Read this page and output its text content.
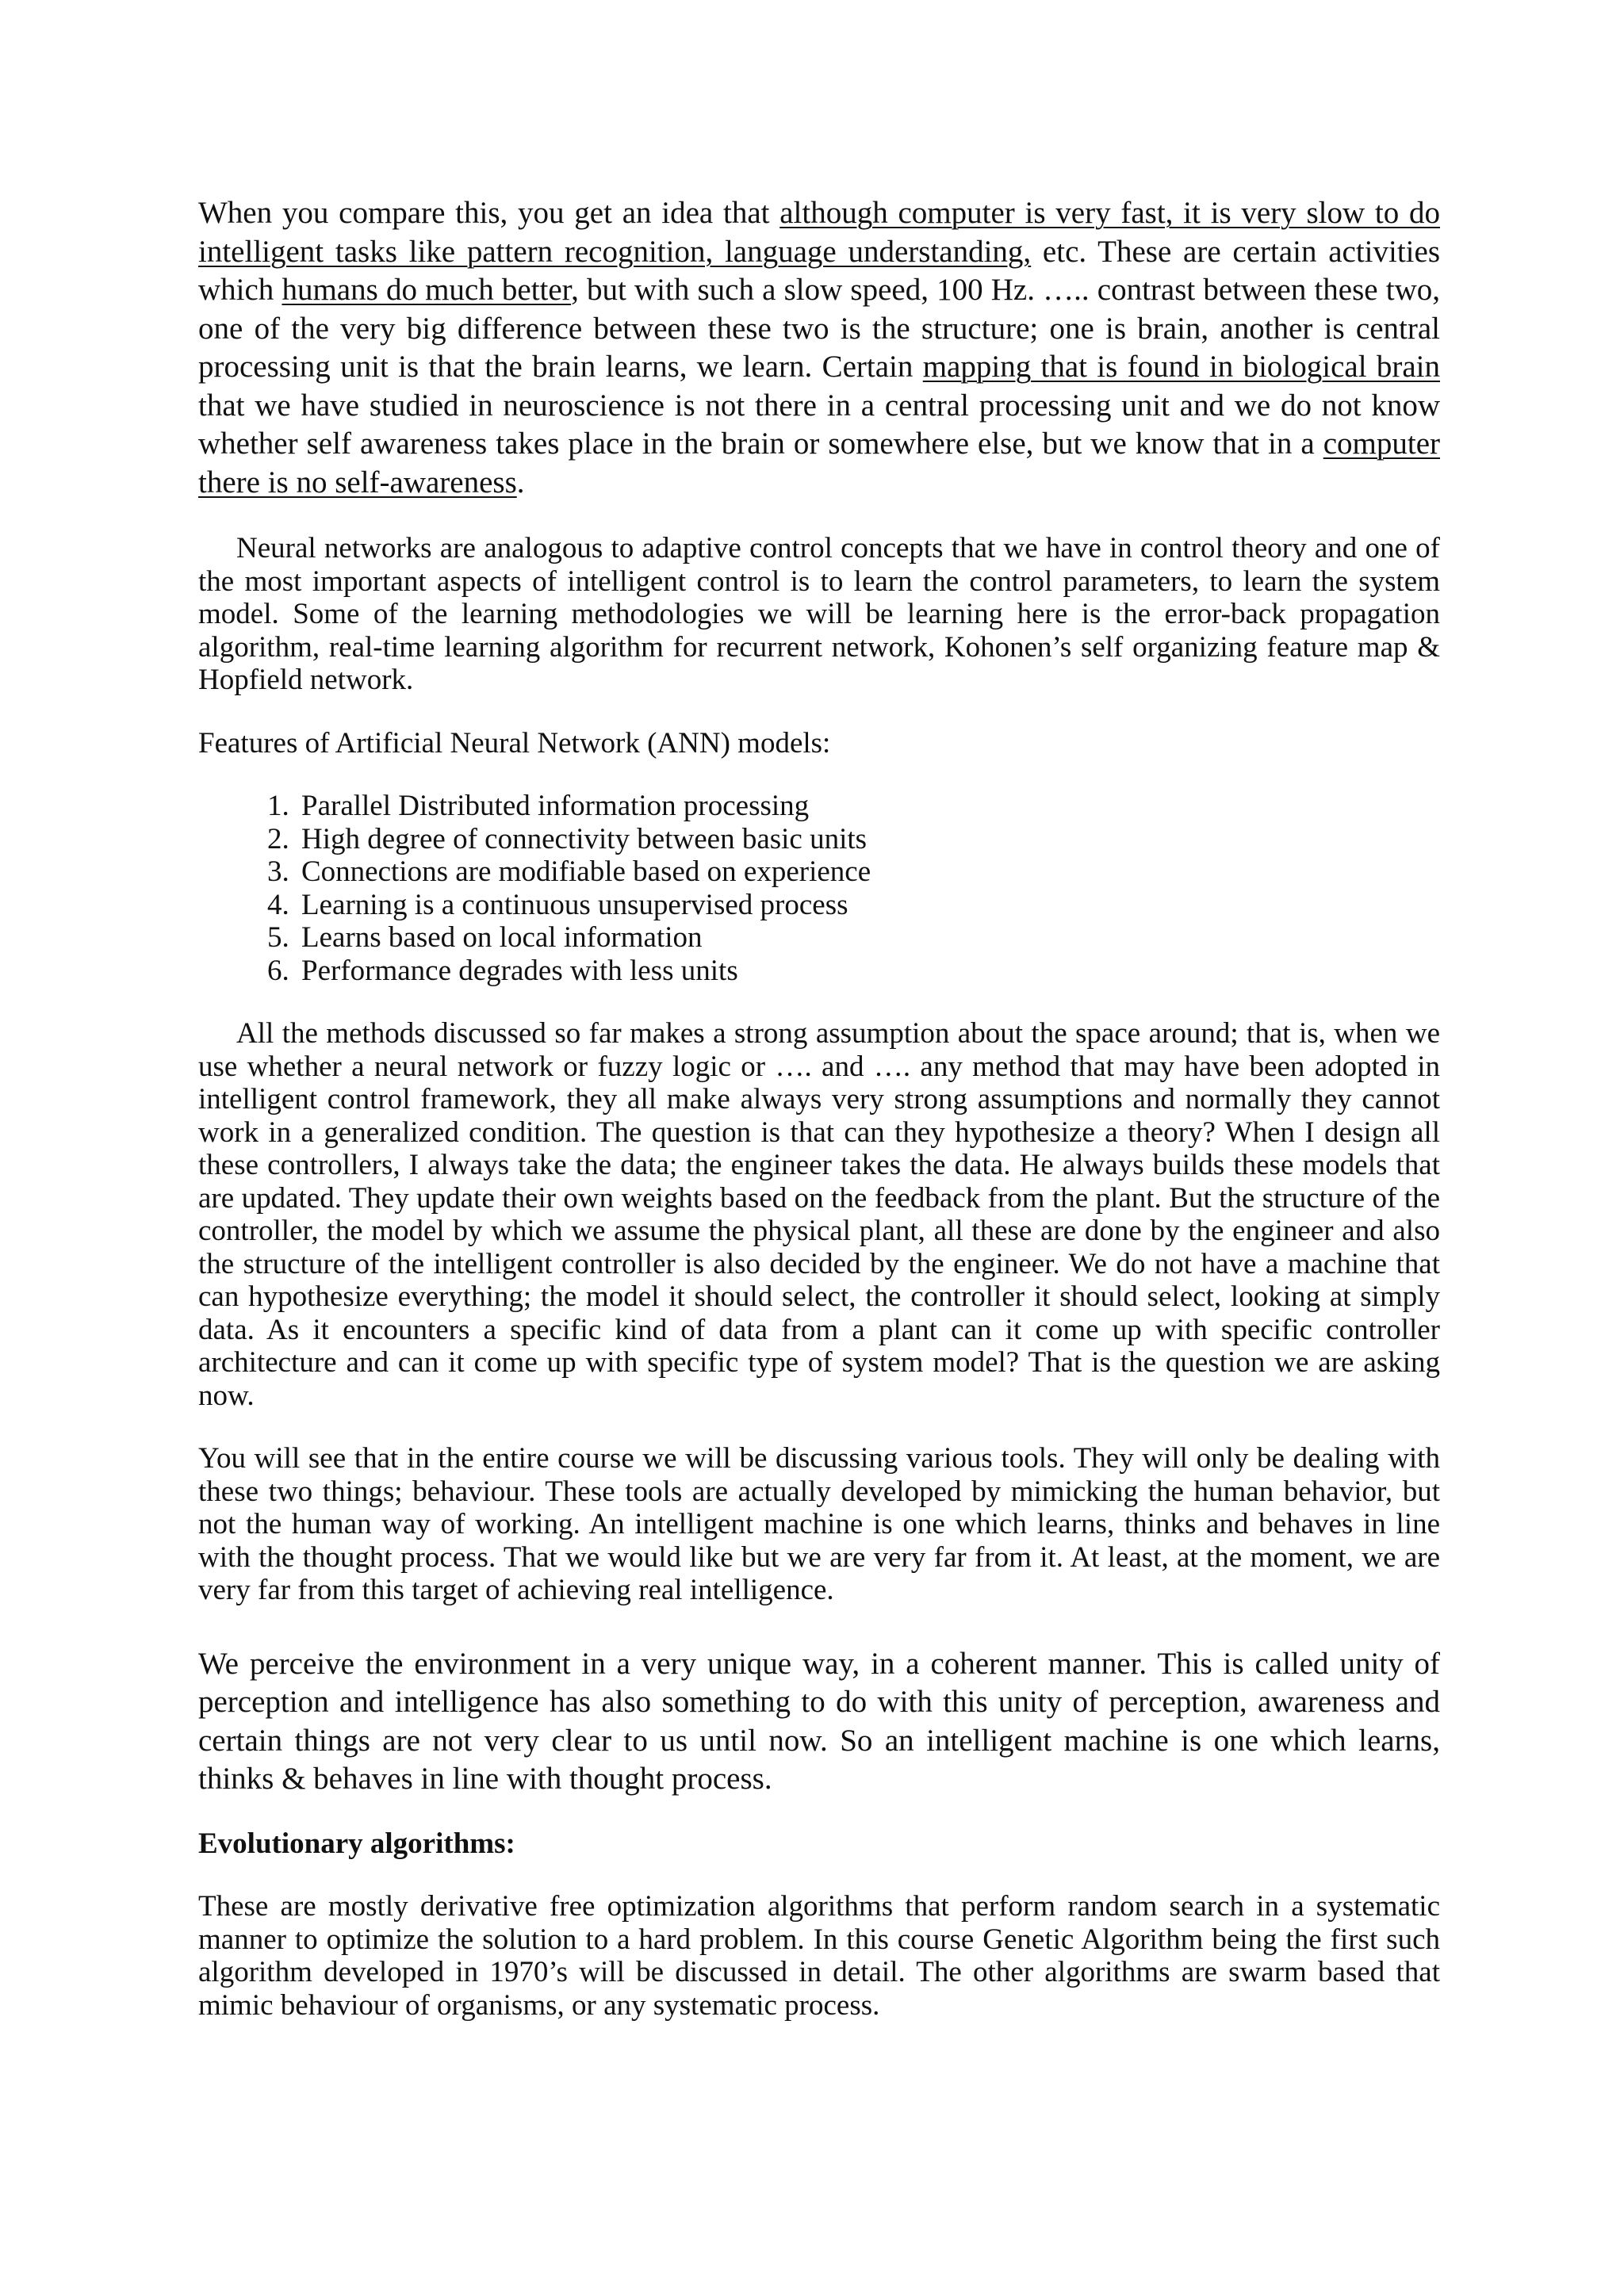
When you compare this, you get an idea that although computer is very fast, it is very slow to do intelligent tasks like pattern recognition, language understanding, etc. These are certain activities which humans do much better, but with such a slow speed, 100 Hz. ….. contrast between these two, one of the very big difference between these two is the structure; one is brain, another is central processing unit is that the brain learns, we learn. Certain mapping that is found in biological brain that we have studied in neuroscience is not there in a central processing unit and we do not know whether self awareness takes place in the brain or somewhere else, but we know that in a computer there is no self-awareness.

Neural networks are analogous to adaptive control concepts that we have in control theory and one of the most important aspects of intelligent control is to learn the control parameters, to learn the system model. Some of the learning methodologies we will be learning here is the error-back propagation algorithm, real-time learning algorithm for recurrent network, Kohonen’s self organizing feature map & Hopfield network.

Features of Artificial Neural Network (ANN) models:

1. Parallel Distributed information processing
2. High degree of connectivity between basic units
3. Connections are modifiable based on experience
4. Learning is a continuous unsupervised process
5. Learns based on local information
6. Performance degrades with less units

All the methods discussed so far makes a strong assumption about the space around; that is, when we use whether a neural network or fuzzy logic or …. and …. any method that may have been adopted in intelligent control framework, they all make always very strong assumptions and normally they cannot work in a generalized condition. The question is that can they hypothesize a theory? When I design all these controllers, I always take the data; the engineer takes the data. He always builds these models that are updated. They update their own weights based on the feedback from the plant. But the structure of the controller, the model by which we assume the physical plant, all these are done by the engineer and also the structure of the intelligent controller is also decided by the engineer. We do not have a machine that can hypothesize everything; the model it should select, the controller it should select, looking at simply data. As it encounters a specific kind of data from a plant can it come up with specific controller architecture and can it come up with specific type of system model? That is the question we are asking now.

You will see that in the entire course we will be discussing various tools. They will only be dealing with these two things; behaviour. These tools are actually developed by mimicking the human behavior, but not the human way of working. An intelligent machine is one which learns, thinks and behaves in line with the thought process. That we would like but we are very far from it. At least, at the moment, we are very far from this target of achieving real intelligence.

We perceive the environment in a very unique way, in a coherent manner. This is called unity of perception and intelligence has also something to do with this unity of perception, awareness and certain things are not very clear to us until now. So an intelligent machine is one which learns, thinks & behaves in line with thought process.

Evolutionary algorithms:

These are mostly derivative free optimization algorithms that perform random search in a systematic manner to optimize the solution to a hard problem. In this course Genetic Algorithm being the first such algorithm developed in 1970’s will be discussed in detail. The other algorithms are swarm based that mimic behaviour of organisms, or any systematic process.
